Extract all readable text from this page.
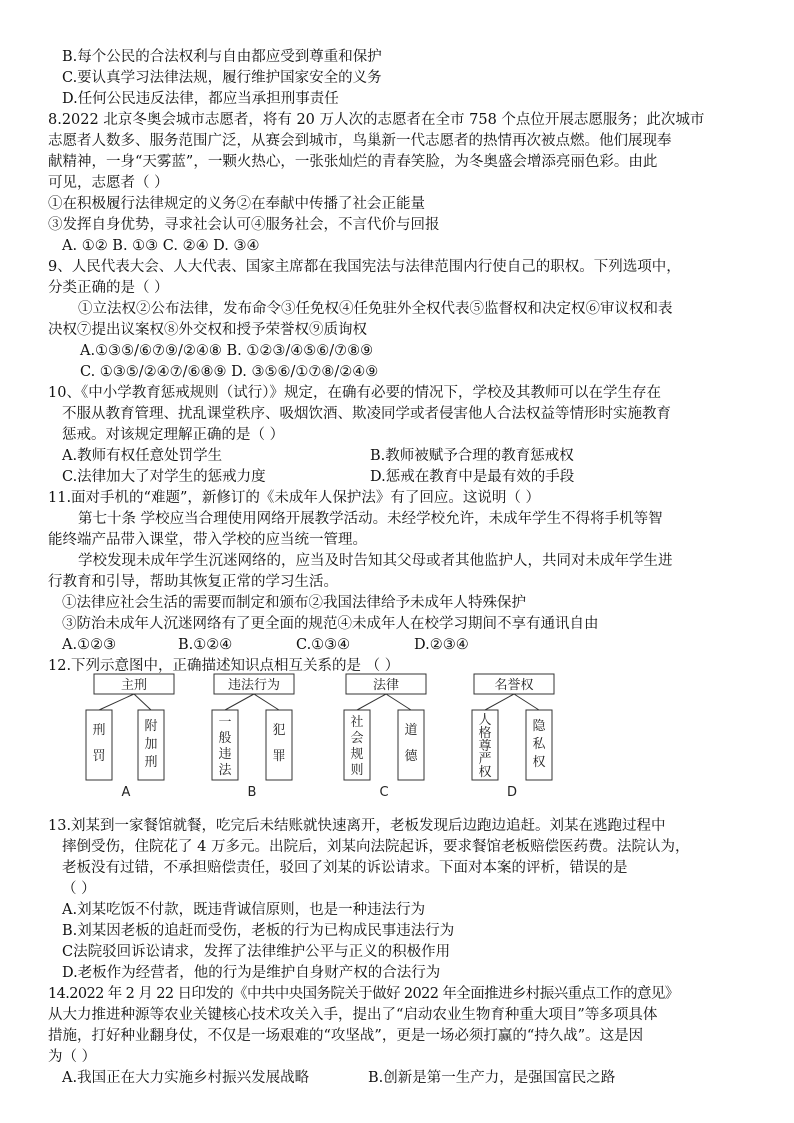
B.每个公民的合法权利与自由都应受到尊重和保护
C.要认真学习法律法规，履行维护国家安全的义务
D.任何公民违反法律，都应当承担刑事责任
8.2022 北京冬奥会城市志愿者，将有 20 万人次的志愿者在全市 758 个点位开展志愿服务；此次城市
志愿者人数多、服务范围广泛，从赛会到城市，鸟巢新一代志愿者的热情再次被点燃。他们展现奉
献精神，一身“天雾蓝”，一颗火热心，一张张灿烂的青春笑脸，为冬奥盛会增添亮丽色彩。由此
可见，志愿者（ ）
①在积极履行法律规定的义务②在奉献中传播了社会正能量
③发挥自身优势，寻求社会认可④服务社会，不言代价与回报
A. ①② B. ①③ C. ②④ D. ③④
9、人民代表大会、人大代表、国家主席都在我国宪法与法律范围内行使自己的职权。下列选项中，
分类正确的是（ ）
①立法权②公布法律，发布命令③任免权④任免驻外全权代表⑤监督权和决定权⑥审议权和表
决权⑦提出议案权⑧外交权和授予荣誉权⑨质询权
A.①③⑤/⑥⑦⑨/②④⑧ B. ①②③/④⑤⑥/⑦⑧⑨
C. ①③⑤/②④⑦/⑥⑧⑨ D. ③⑤⑥/①⑦⑧/②④⑨
10、《中小学教育惩戒规则（试行）》规定，在确有必要的情况下，学校及其教师可以在学生存在
不服从教育管理、扰乱课堂秩序、吸烟饮酒、欺凌同学或者侵害他人合法权益等情形时实施教育
惩戒。对该规定理解正确的是（ ）
A.教师有权任意处罚学生	B.教师被赋予合理的教育惩戒权
C.法律加大了对学生的惩戒力度	D.惩戒在教育中是最有效的手段
11.面对手机的“难题”，新修订的《未成年人保护法》有了回应。这说明（ ）
第七十条 学校应当合理使用网络开展教学活动。未经学校允许，未成年学生不得将手机等智
能终端产品带入课堂，带入学校的应当统一管理。
学校发现未成年学生沉迷网络的，应当及时告知其父母或者其他监护人，共同对未成年学生进
行教育和引导，帮助其恢复正常的学习生活。
①法律应社会生活的需要而制定和颁布②我国法律给予未成年人特殊保护
③防治未成年人沉迷网络有了更全面的规范④未成年人在校学习期间不享有通讯自由
A.①②③	B.①②④	C.①③④	D.②③④
12.下列示意图中，正确描述知识点相互关系的是 （ ）
主刑
刑
罚
附
加
刑
A
违法行为
一
般
违
法
犯
罪
B
法律
社
会
规
则
道
德
C
名誉权
人
格
尊
严
权
隐
私
权
D
13.刘某到一家餐馆就餐，吃完后未结账就快速离开，老板发现后边跑边追赶。刘某在逃跑过程中
摔倒受伤，住院花了 4 万多元。出院后，刘某向法院起诉，要求餐馆老板赔偿医药费。法院认为，
老板没有过错，不承担赔偿责任，驳回了刘某的诉讼请求。下面对本案的评析，错误的是
（ ）
A.刘某吃饭不付款，既违背诚信原则，也是一种违法行为
B.刘某因老板的追赶而受伤，老板的行为已构成民事违法行为
C法院驳回诉讼请求，发挥了法律维护公平与正义的积极作用
D.老板作为经营者，他的行为是维护自身财产权的合法行为
14.2022 年 2 月 22 日印发的《中共中央国务院关于做好 2022 年全面推进乡村振兴重点工作的意见》
从大力推进种源等农业关键核心技术攻关入手，提出了“启动农业生物育种重大项目”等多项具体
措施，打好种业翻身仗，不仅是一场艰难的“攻坚战”，更是一场必须打赢的“持久战”。这是因
为（ ）
A.我国正在大力实施乡村振兴发展战略	B.创新是第一生产力，是强国富民之路
